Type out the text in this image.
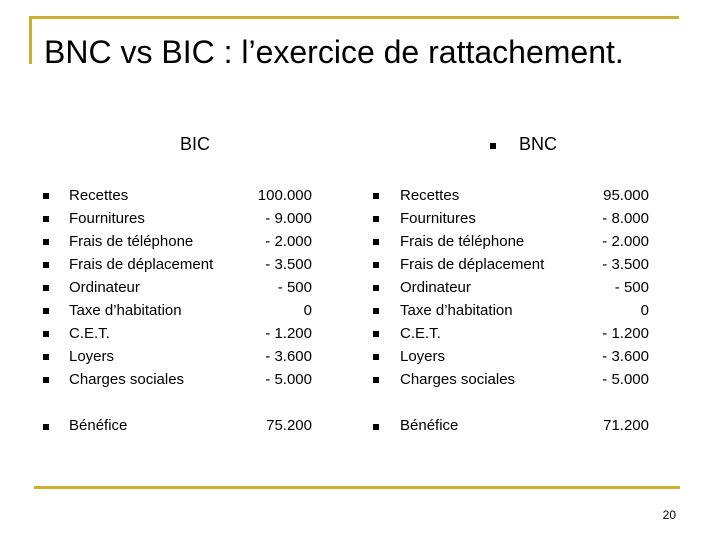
BNC vs BIC : l’exercice de rattachement.
BIC	BNC
Recettes	100.000
Fournitures	- 9.000
Frais de téléphone	- 2.000
Frais de déplacement	- 3.500
Ordinateur	- 500
Taxe d’habitation	0
C.E.T.	- 1.200
Loyers	- 3.600
Charges sociales	- 5.000
Bénéfice	75.200
Recettes	95.000
Fournitures	- 8.000
Frais de téléphone	- 2.000
Frais de déplacement	- 3.500
Ordinateur	- 500
Taxe d’habitation	0
C.E.T.	- 1.200
Loyers	- 3.600
Charges sociales	- 5.000
Bénéfice	71.200
20
